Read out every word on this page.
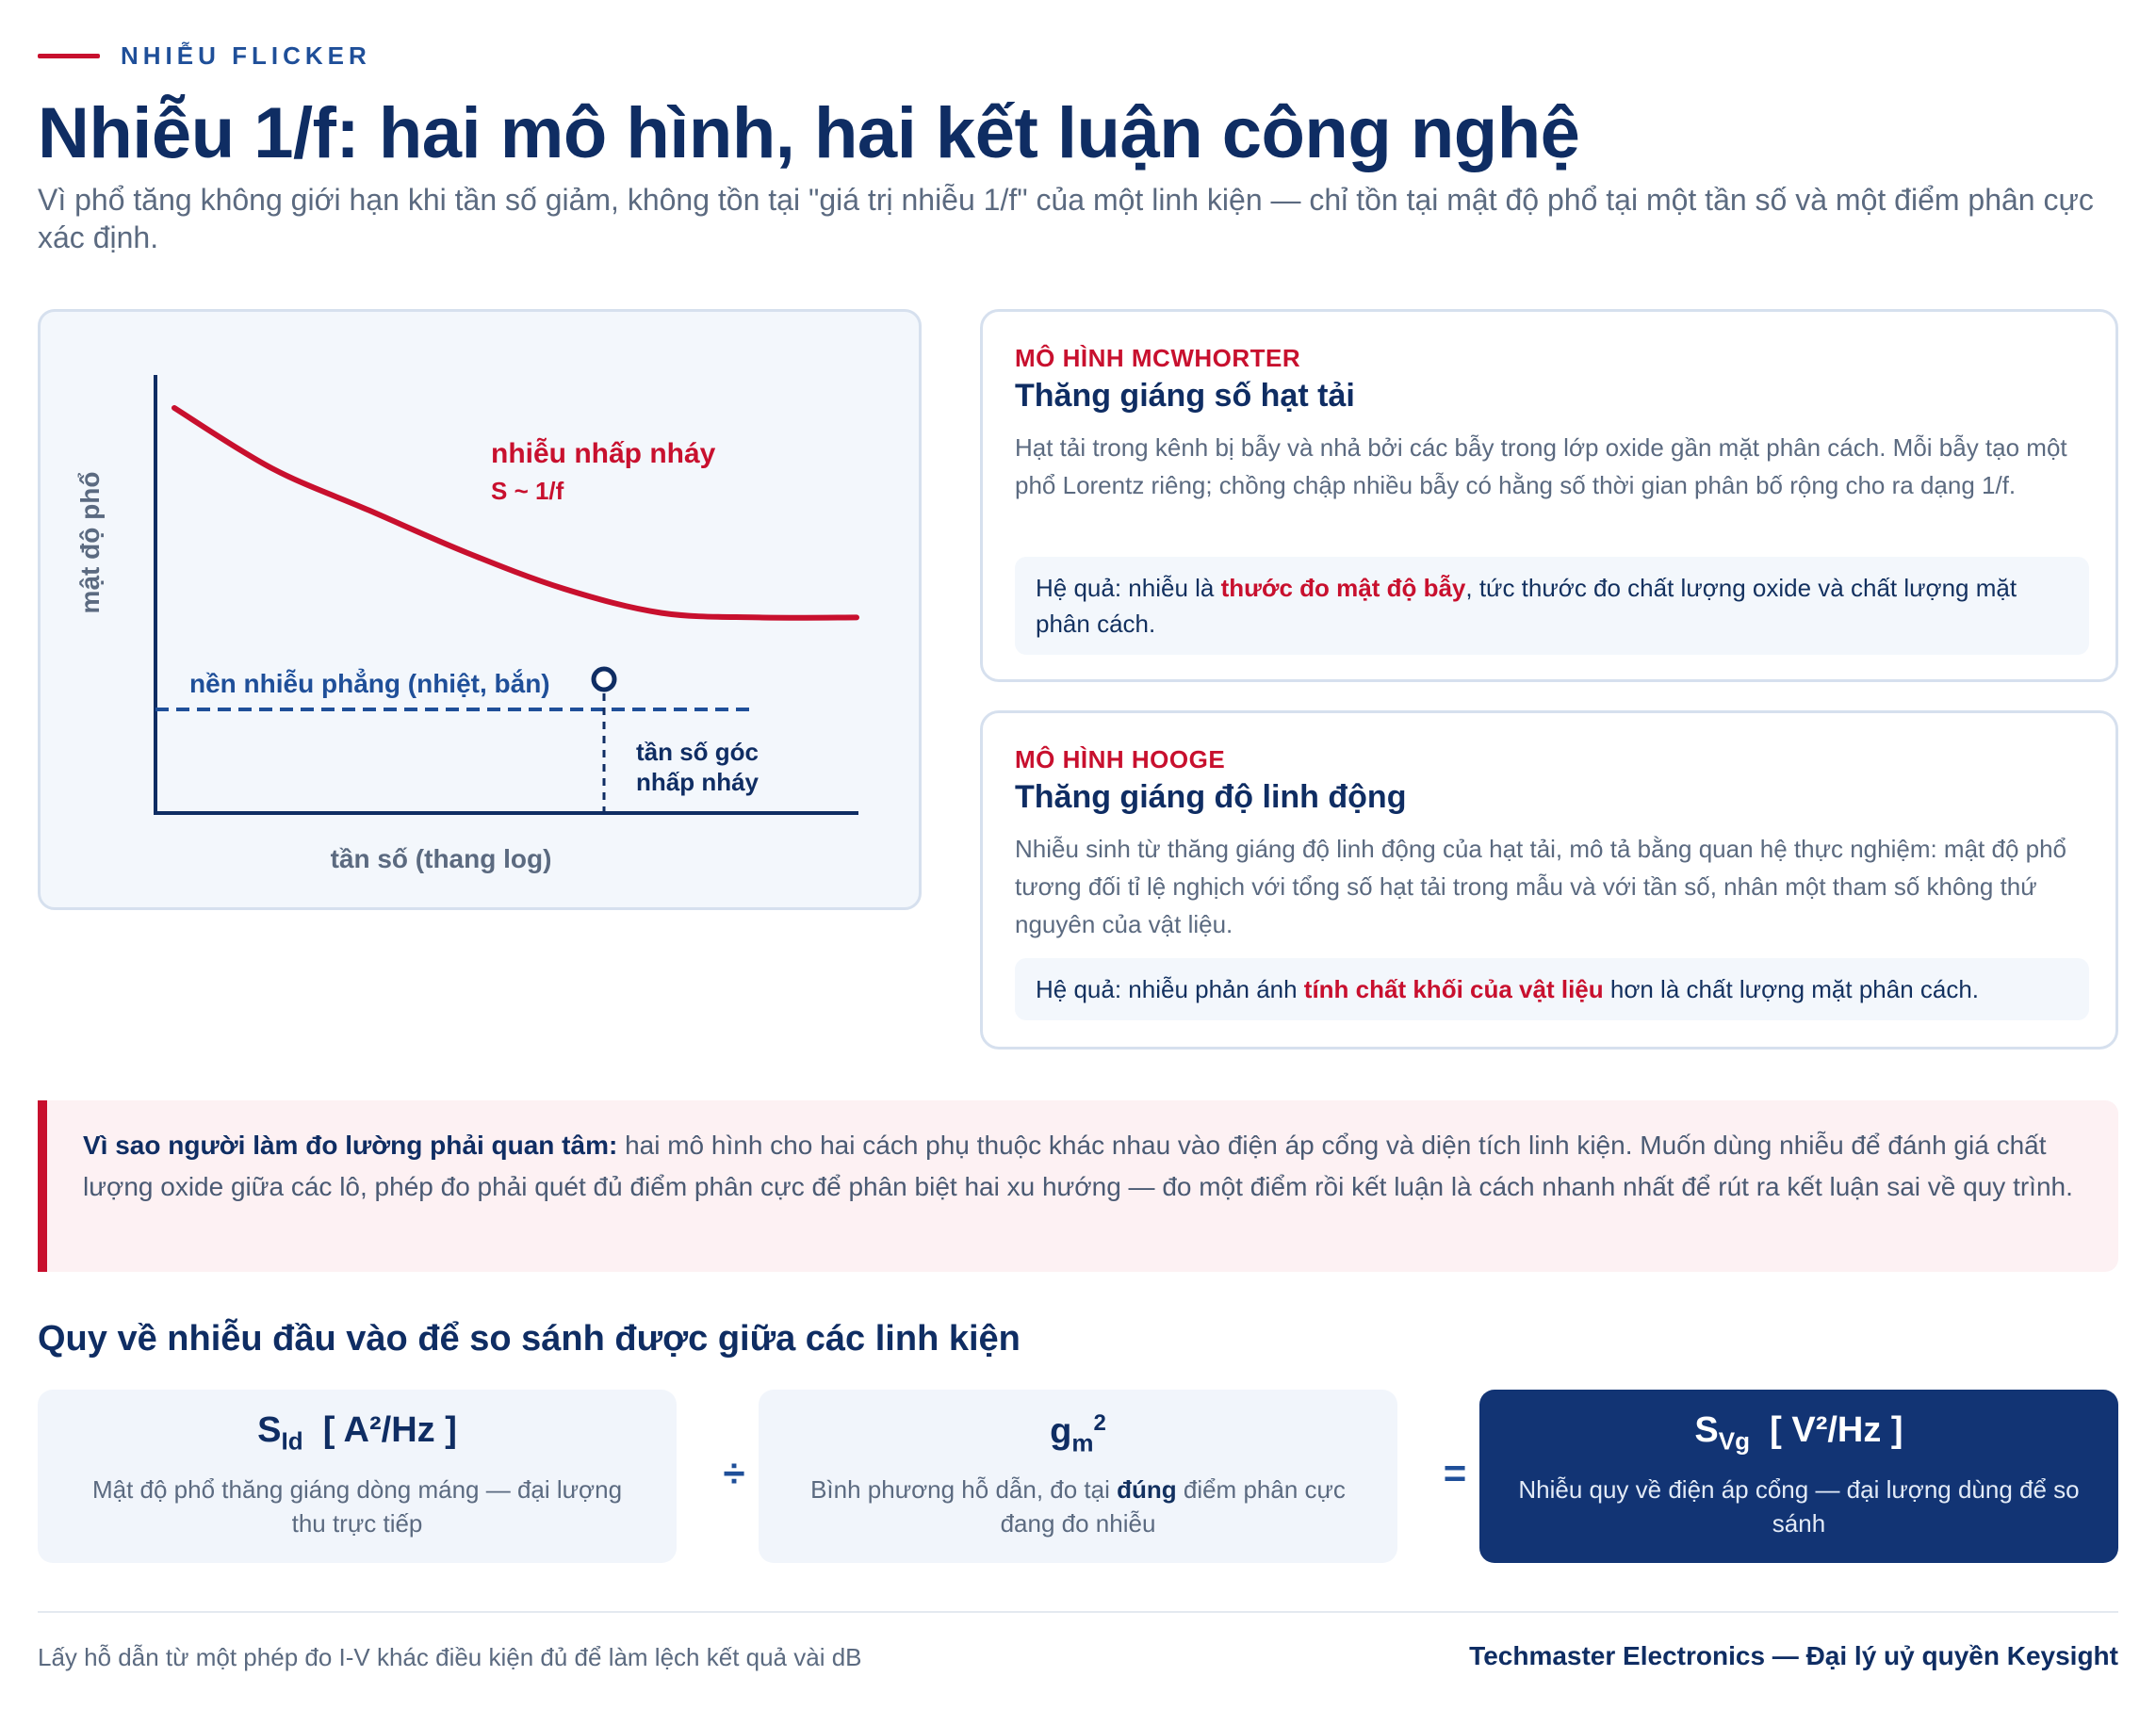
NHIỄU FLICKER
Nhiễu 1/f: hai mô hình, hai kết luận công nghệ

Vì phổ tăng không giới hạn khi tần số giảm, không tồn tại "giá trị nhiễu 1/f" của một linh kiện — chỉ tồn tại mật độ phổ tại một tần số và một điểm phân cực xác định.

nhiễu nhấp nháy
S ~ 1/f
nền nhiễu phẳng (nhiệt, bắn)
tần số góc
nhấp nháy
tần số (thang log)
mật độ phổ
MÔ HÌNH MCWHORTER
Thăng giáng số hạt tải

Hạt tải trong kênh bị bẫy và nhả bởi các bẫy trong lớp oxide gần mặt phân cách. Mỗi bẫy tạo một phổ Lorentz riêng; chồng chập nhiều bẫy có hằng số thời gian phân bố rộng cho ra dạng 1/f.

Hệ quả: nhiễu là thước đo mật độ bẫy, tức thước đo chất lượng oxide và chất lượng mặt phân cách.
MÔ HÌNH HOOGE
Thăng giáng độ linh động

Nhiễu sinh từ thăng giáng độ linh động của hạt tải, mô tả bằng quan hệ thực nghiệm: mật độ phổ tương đối tỉ lệ nghịch với tổng số hạt tải trong mẫu và với tần số, nhân một tham số không thứ nguyên của vật liệu.

Hệ quả: nhiễu phản ánh tính chất khối của vật liệu hơn là chất lượng mặt phân cách.
Vì sao người làm đo lường phải quan tâm: hai mô hình cho hai cách phụ thuộc khác nhau vào điện áp cổng và diện tích linh kiện. Muốn dùng nhiễu để đánh giá chất lượng oxide giữa các lô, phép đo phải quét đủ điểm phân cực để phân biệt hai xu hướng — đo một điểm rồi kết luận là cách nhanh nhất để rút ra kết luận sai về quy trình.
Quy về nhiễu đầu vào để so sánh được giữa các linh kiện
$S_{Id}$ [ A²/Hz ]
Mật độ phổ thăng giáng dòng máng — đại lượng thu trực tiếp
÷
$g_m^2$
Bình phương hỗ dẫn, đo tại đúng điểm phân cực đang đo nhiễu
=
$S_{Vg}$ [ V²/Hz ]
Nhiễu quy về điện áp cổng — đại lượng dùng để so sánh
Lấy hỗ dẫn từ một phép đo I-V khác điều kiện đủ để làm lệch kết quả vài dB	Techmaster Electronics — Đại lý uỷ quyền Keysight
